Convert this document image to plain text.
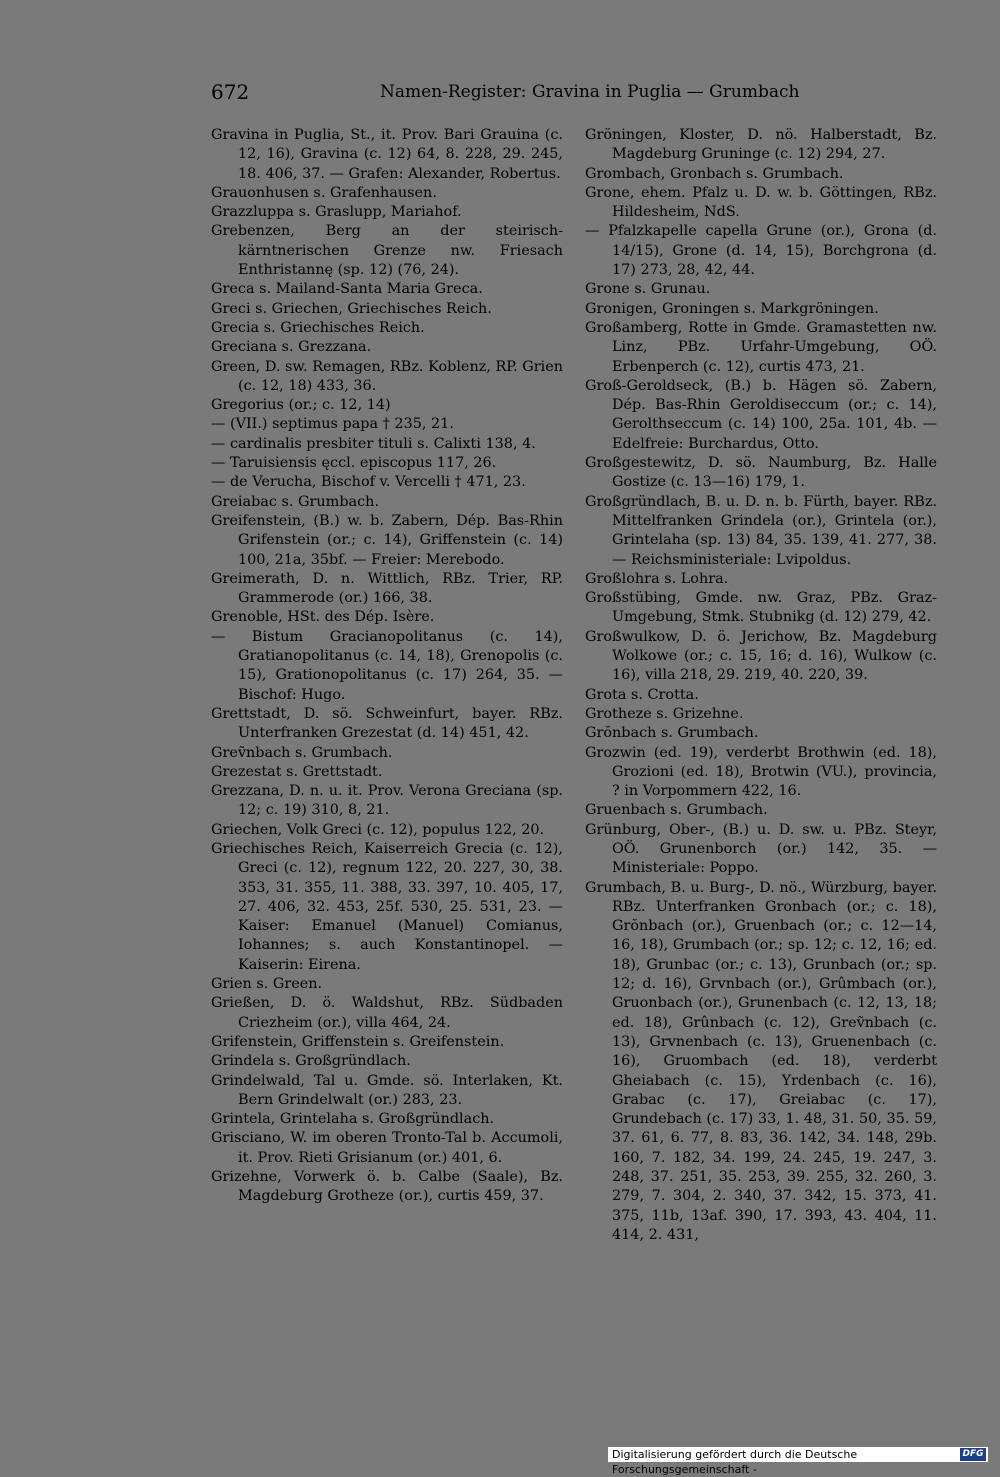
672	Namen-Register: Gravina in Puglia — Grumbach
Gravina in Puglia, St., it. Prov. Bari Grauina (c. 12, 16), Gravina (c. 12) 64, 8. 228, 29. 245, 18. 406, 37. — Grafen: Alexander, Robertus.
Grauonhusen s. Grafenhausen.
Grazzluppa s. Graslupp, Mariahof.
Grebenzen, Berg an der steirisch-kärntnerischen Grenze nw. Friesach Enthristannę (sp. 12) (76, 24).
Greca s. Mailand-Santa Maria Greca.
Greci s. Griechen, Griechisches Reich.
Grecia s. Griechisches Reich.
Greciana s. Grezzana.
Green, D. sw. Remagen, RBz. Koblenz, RP. Grien (c. 12, 18) 433, 36.
Gregorius (or.; c. 12, 14)
— (VII.) septimus papa † 235, 21.
— cardinalis presbiter tituli s. Calixti 138, 4.
— Taruisiensis ęccl. episcopus 117, 26.
— de Verucha, Bischof v. Vercelli † 471, 23.
Greiabac s. Grumbach.
Greifenstein, (B.) w. b. Zabern, Dép. Bas-Rhin Grifenstein (or.; c. 14), Griffenstein (c. 14) 100, 21a, 35bf. — Freier: Merebodo.
Greimerath, D. n. Wittlich, RBz. Trier, RP. Grammerode (or.) 166, 38.
Grenoble, HSt. des Dép. Isère.
— Bistum Gracianopolitanus (c. 14), Gratianopolitanus (c. 14, 18), Grenopolis (c. 15), Grationopolitanus (c. 17) 264, 35. — Bischof: Hugo.
Grettstadt, D. sö. Schweinfurt, bayer. RBz. Unterfranken Grezestat (d. 14) 451, 42.
Greṽnbach s. Grumbach.
Grezestat s. Grettstadt.
Grezzana, D. n. u. it. Prov. Verona Greciana (sp. 12; c. 19) 310, 8, 21.
Griechen, Volk Greci (c. 12), populus 122, 20.
Griechisches Reich, Kaiserreich Grecia (c. 12), Greci (c. 12), regnum 122, 20. 227, 30, 38. 353, 31. 355, 11. 388, 33. 397, 10. 405, 17, 27. 406, 32. 453, 25f. 530, 25. 531, 23. — Kaiser: Emanuel (Manuel) Comianus, Iohannes; s. auch Konstantinopel. — Kaiserin: Eirena.
Grien s. Green.
Grießen, D. ö. Waldshut, RBz. Südbaden Criezheim (or.), villa 464, 24.
Grifenstein, Griffenstein s. Greifenstein.
Grindela s. Großgründlach.
Grindelwald, Tal u. Gmde. sö. Interlaken, Kt. Bern Grindelwalt (or.) 283, 23.
Grintela, Grintelaha s. Großgründlach.
Grisciano, W. im oberen Tronto-Tal b. Accumoli, it. Prov. Rieti Grisianum (or.) 401, 6.
Grizehne, Vorwerk ö. b. Calbe (Saale), Bz. Magdeburg Grotheze (or.), curtis 459, 37.
Gröningen, Kloster, D. nö. Halberstadt, Bz. Magdeburg Gruninge (c. 12) 294, 27.
Grombach, Gronbach s. Grumbach.
Grone, ehem. Pfalz u. D. w. b. Göttingen, RBz. Hildesheim, NdS.
— Pfalzkapelle capella Grune (or.), Grona (d. 14/15), Grone (d. 14, 15), Borchgrona (d. 17) 273, 28, 42, 44.
Grone s. Grunau.
Gronigen, Groningen s. Markgröningen.
Großamberg, Rotte in Gmde. Gramastetten nw. Linz, PBz. Urfahr-Umgebung, OÖ. Erbenperch (c. 12), curtis 473, 21.
Groß-Geroldseck, (B.) b. Hägen sö. Zabern, Dép. Bas-Rhin Geroldiseccum (or.; c. 14), Gerolthseccum (c. 14) 100, 25a. 101, 4b. — Edelfreie: Burchardus, Otto.
Großgestewitz, D. sö. Naumburg, Bz. Halle Gostize (c. 13—16) 179, 1.
Großgründlach, B. u. D. n. b. Fürth, bayer. RBz. Mittelfranken Grindela (or.), Grintela (or.), Grintelaha (sp. 13) 84, 35. 139, 41. 277, 38. — Reichsministeriale: Lvipoldus.
Großlohra s. Lohra.
Großstübing, Gmde. nw. Graz, PBz. Graz-Umgebung, Stmk. Stubnikg (d. 12) 279, 42.
Großwulkow, D. ö. Jerichow, Bz. Magdeburg Wolkowe (or.; c. 15, 16; d. 16), Wulkow (c. 16), villa 218, 29. 219, 40. 220, 39.
Grota s. Crotta.
Grotheze s. Grizehne.
Grŏnbach s. Grumbach.
Grozwin (ed. 19), verderbt Brothwin (ed. 18), Grozioni (ed. 18), Brotwin (VU.), provincia, ? in Vorpommern 422, 16.
Gruenbach s. Grumbach.
Grünburg, Ober-, (B.) u. D. sw. u. PBz. Steyr, OÖ. Grunenborch (or.) 142, 35. — Ministeriale: Poppo.
Grumbach, B. u. Burg-, D. nö., Würzburg, bayer. RBz. Unterfranken Gronbach (or.; c. 18), Grŏnbach (or.), Gruenbach (or.; c. 12—14, 16, 18), Grumbach (or.; sp. 12; c. 12, 16; ed. 18), Grunbac (or.; c. 13), Grunbach (or.; sp. 12; d. 16), Grvnbach (or.), Grûmbach (or.), Gruonbach (or.), Grunenbach (c. 12, 13, 18; ed. 18), Grûnbach (c. 12), Greṽnbach (c. 13), Grvnenbach (c. 13), Gruenenbach (c. 16), Gruombach (ed. 18), verderbt Gheiabach (c. 15), Yrdenbach (c. 16), Grabac (c. 17), Greiabac (c. 17), Grundebach (c. 17) 33, 1. 48, 31. 50, 35. 59, 37. 61, 6. 77, 8. 83, 36. 142, 34. 148, 29b. 160, 7. 182, 34. 199, 24. 245, 19. 247, 3. 248, 37. 251, 35. 253, 39. 255, 32. 260, 3. 279, 7. 304, 2. 340, 37. 342, 15. 373, 41. 375, 11b, 13af. 390, 17. 393, 43. 404, 11. 414, 2. 431,
Digitalisierung gefördert durch die Deutsche Forschungsgemeinschaft -
DFG
